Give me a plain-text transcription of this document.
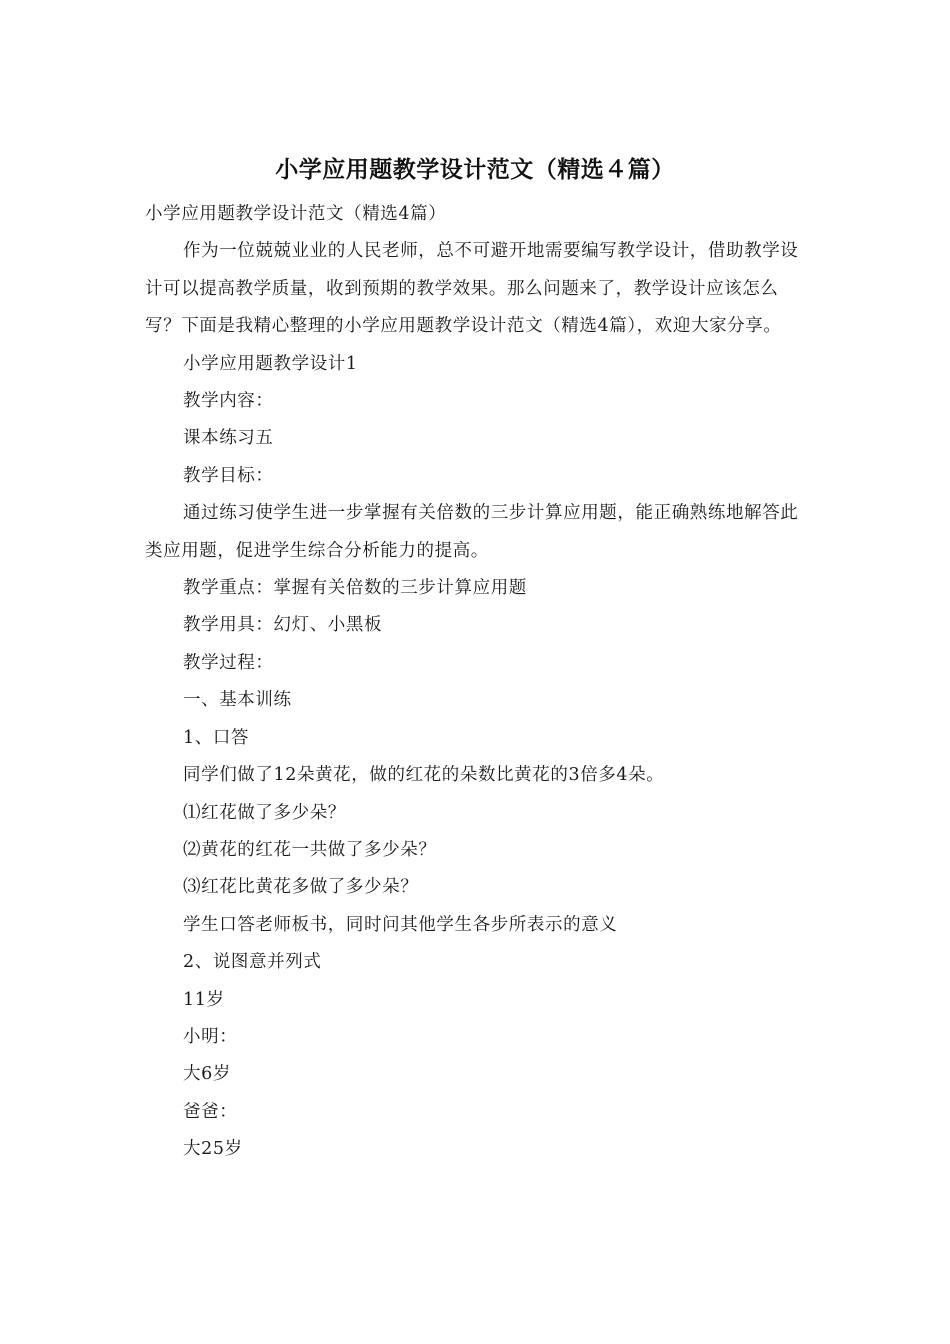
小学应用题教学设计范文（精选４篇）

小学应用题教学设计范文（精选4篇）

作为一位兢兢业业的人民老师，总不可避开地需要编写教学设计，借助教学设计可以提高教学质量，收到预期的教学效果。那么问题来了，教学设计应该怎么写？下面是我精心整理的小学应用题教学设计范文（精选4篇），欢迎大家分享。

小学应用题教学设计1

教学内容：

课本练习五

教学目标：

通过练习使学生进一步掌握有关倍数的三步计算应用题，能正确熟练地解答此类应用题，促进学生综合分析能力的提高。

教学重点：掌握有关倍数的三步计算应用题

教学用具：幻灯、小黑板

教学过程：

一、基本训练

1、口答

同学们做了12朵黄花，做的红花的朵数比黄花的3倍多4朵。

⑴红花做了多少朵？

⑵黄花的红花一共做了多少朵？

⑶红花比黄花多做了多少朵？

学生口答老师板书，同时问其他学生各步所表示的意义

2、说图意并列式

11岁

小明：

大6岁

爸爸：

大25岁
